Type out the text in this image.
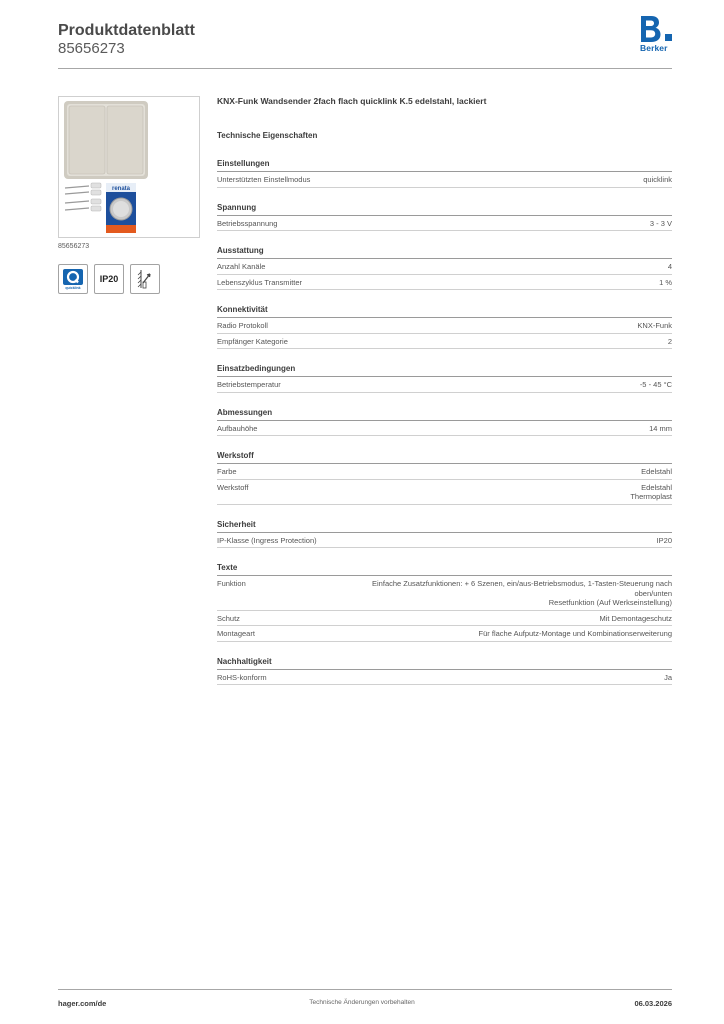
Produktdatenblatt
85656273	Berker
renata
85656273
quicklink
IP20
KNX-Funk Wandsender 2fach flach quicklink K.5 edelstahl, lackiert
Technische Eigenschaften
Einstellungen
Unterstützten Einstellmodus	quicklink
Spannung
Betriebsspannung	3 - 3 V
Ausstattung
Anzahl Kanäle	4
Lebenszyklus Transmitter	1 %
Konnektivität
Radio Protokoll	KNX-Funk
Empfänger Kategorie	2
Einsatzbedingungen
Betriebstemperatur	-5 - 45 °C
Abmessungen
Aufbauhöhe	14 mm
Werkstoff
Farbe	Edelstahl
Werkstoff	Edelstahl
Thermoplast
Sicherheit
IP-Klasse (Ingress Protection)	IP20
Texte
Funktion	Einfache Zusatzfunktionen: + 6 Szenen, ein/aus-Betriebsmodus, 1-Tasten-Steuerung nach oben/unten
Resetfunktion (Auf Werkseinstellung)
Schutz	Mit Demontageschutz
Montageart	Für flache Aufputz-Montage und Kombinationserweiterung
Nachhaltigkeit
RoHS-konform	Ja
hager.com/de	Technische Änderungen vorbehalten	06.03.2026
